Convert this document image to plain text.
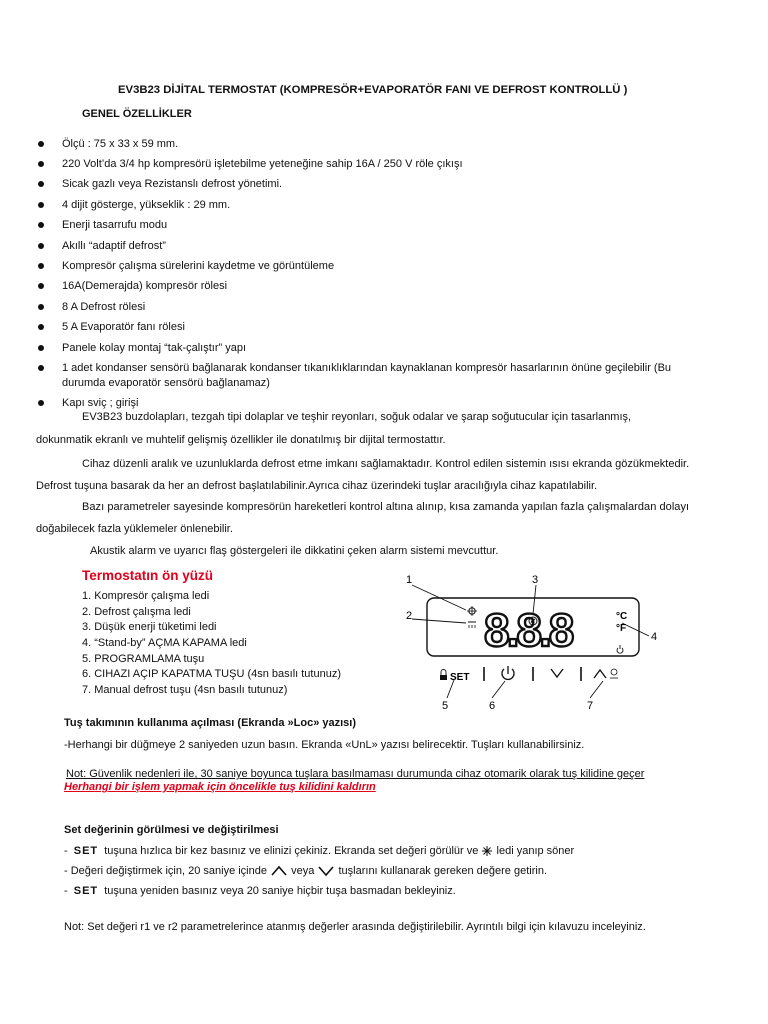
EV3B23 DİJİTAL TERMOSTAT (KOMPRESÖR+EVAPORATÖR FANI VE DEFROST KONTROLLÜ )
GENEL ÖZELLİKLER
Ölçü : 75 x 33 x 59 mm.
220 Volt’da 3/4 hp kompresörü işletebilme yeteneğine sahip 16A / 250 V röle çıkışı
Sicak gazlı veya Rezistanslı defrost yönetimi.
4 dijit gösterge, yükseklik : 29 mm.
Enerji tasarrufu modu
Akıllı “adaptif defrost”
Kompresör çalışma sürelerini kaydetme ve görüntüleme
16A(Demerajda) kompresör rölesi
8 A Defrost rölesi
5 A Evaporatör fanı rölesi
Panele kolay montaj “tak-çalıştır” yapı
1 adet kondanser sensörü bağlanarak kondanser tıkanıklıklarından kaynaklanan kompresör hasarlarının önüne geçilebilir (Bu
durumda evaporatör sensörü bağlanamaz)
Kapı sviç ; girişi
EV3B23 buzdolapları, tezgah tipi dolaplar ve teşhir reyonları, soğuk odalar ve şarap soğutucular için tasarlanmış,
dokunmatik ekranlı ve muhtelif gelişmiş özellikler ile donatılmış bir dijital termostattır.
Cihaz düzenli aralık ve uzunluklarda defrost etme imkanı sağlamaktadır. Kontrol edilen sistemin ısısı ekranda gözükmektedir.
Defrost tuşuna basarak da her an defrost başlatılabilinir.Ayrıca cihaz üzerindeki tuşlar aracılığıyla cihaz kapatılabilir.
Bazı parametreler sayesinde kompresörün hareketleri kontrol altına alınıp, kısa zamanda yapılan fazla çalışmalardan dolayı
doğabilecek fazla yüklemeler önlenebilir.
Akustik alarm ve uyarıcı flaş göstergeleri ile dikkatini çeken alarm sistemi mevcuttur.
Termostatın ön yüzü
1. Kompresör çalışma ledi
2. Defrost çalışma ledi
3. Düşük enerji tüketimi ledi
4. “Stand-by” AÇMA KAPAMA ledi
5. PROGRAMLAMA tuşu
6. CIHAZI AÇIP KAPATMA TUŞU (4sn basılı tutunuz)
7. Manual defrost tuşu (4sn basılı tutunuz)
1	3
2
4
5	6	7
8.8.8	°C
°F
SET
Tuş takımının kullanıma açılması (Ekranda »Loc» yazısı)
-Herhangi bir düğmeye 2 saniyeden uzun basın. Ekranda «UnL» yazısı belirecektir. Tuşları kullanabilirsiniz.
Not: Güvenlik nedenleri ile, 30 saniye boyunca tuşlara basılmaması durumunda cihaz otomarik olarak tuş kilidine geçer
Herhangi bir işlem yapmak için öncelikle tuş kilidini kaldırın
Set değerinin görülmesi ve değiştirilmesi
- SET tuşuna hızlıca bir kez basınız ve elinizi çekiniz. Ekranda set değeri görülür ve ledi yanıp söner
- Değeri değiştirmek için, 20 saniye içinde veya tuşlarını kullanarak gereken değere getirin.
- SET tuşuna yeniden basınız veya 20 saniye hiçbir tuşa basmadan bekleyiniz.
Not: Set değeri r1 ve r2 parametrelerince atanmış değerler arasında değiştirilebilir. Ayrıntılı bilgi için kılavuzu inceleyiniz.
